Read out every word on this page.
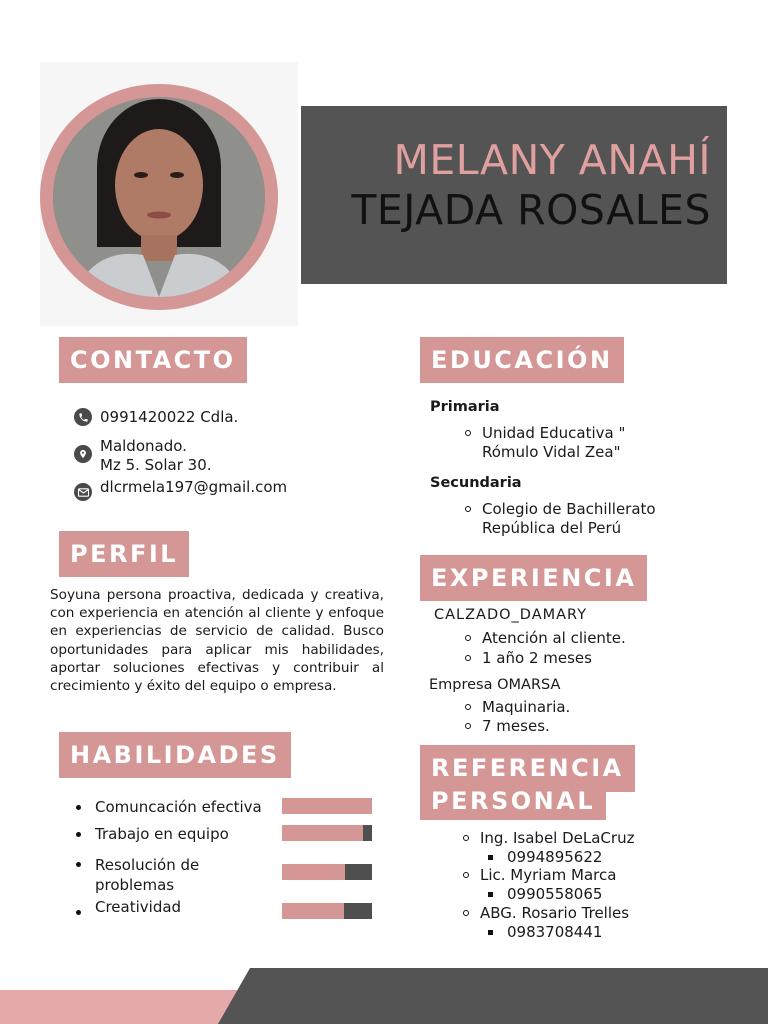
MELANY ANAHÍ
TEJADA ROSALES
CONTACTO
0991420022 Cdla.
Maldonado.
Mz 5. Solar 30.
dlcrmela197@gmail.com
PERFIL
Soyuna persona proactiva, dedicada y creativa, con experiencia en atención al cliente y enfoque en experiencias de servicio de calidad. Busco oportunidades para aplicar mis habilidades, aportar soluciones efectivas y contribuir al crecimiento y éxito del equipo o empresa.
HABILIDADES
Comuncación efectiva
Trabajo en equipo
Resolución de problemas
Creatividad
EDUCACIÓN
Primaria
Unidad Educativa "
Rómulo Vidal Zea"
Secundaria
Colegio de Bachillerato
República del Perú
EXPERIENCIA
CALZADO_DAMARY
Atención al cliente.
1 año 2 meses
Empresa OMARSA
Maquinaria.
7 meses.
REFERENCIA
PERSONAL
Ing. Isabel DeLaCruz
0994895622
Lic. Myriam Marca
0990558065
ABG. Rosario Trelles
0983708441
